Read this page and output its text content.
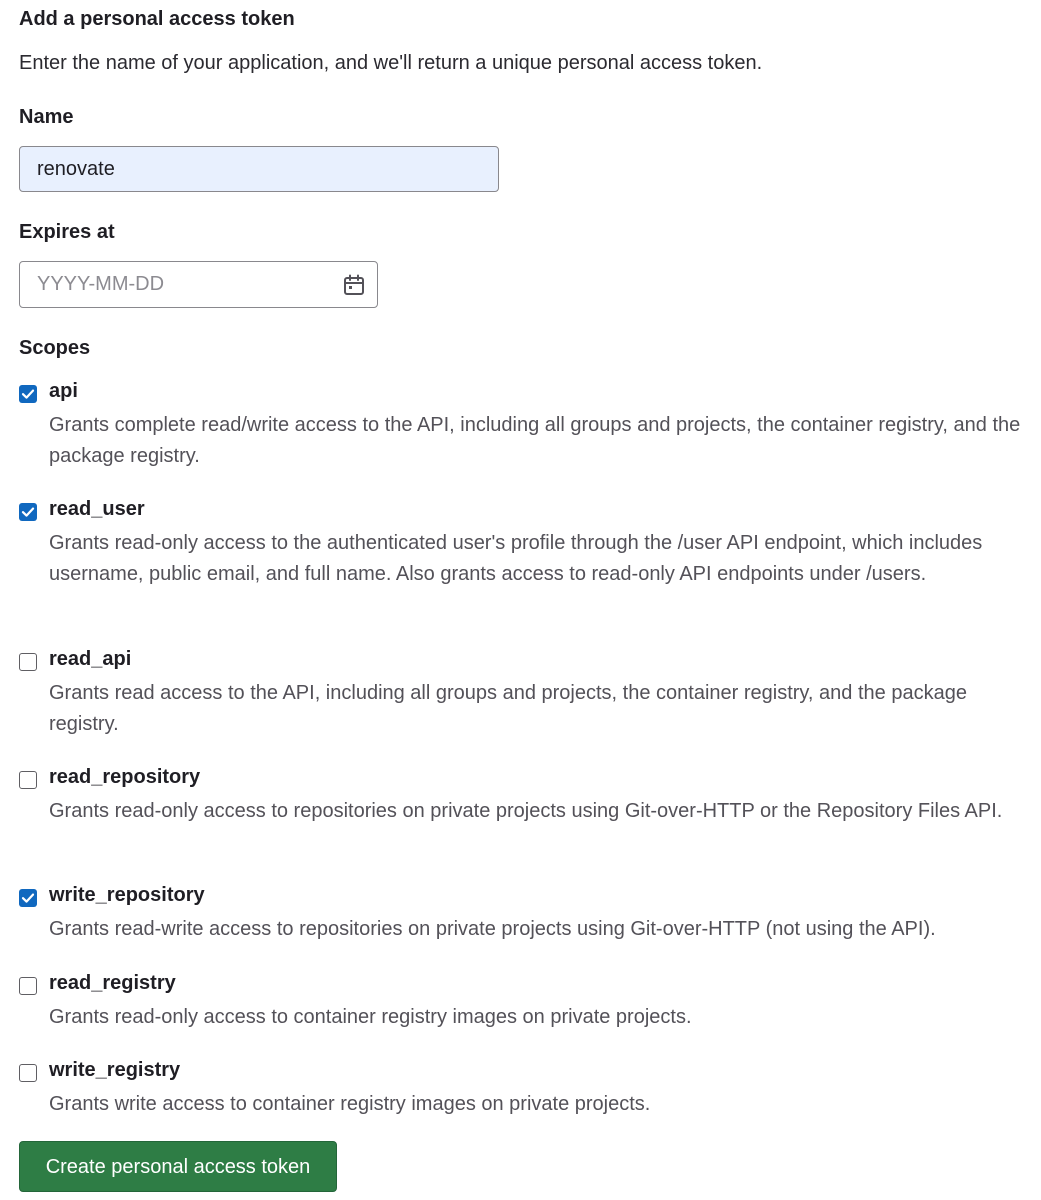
Add a personal access token
Enter the name of your application, and we'll return a unique personal access token.
Name
renovate
Expires at
YYYY-MM-DD
Scopes
api
Grants complete read/write access to the API, including all groups and projects, the container registry, and the package registry.
read_user
Grants read-only access to the authenticated user's profile through the /user API endpoint, which includes username, public email, and full name. Also grants access to read-only API endpoints under /users.
read_api
Grants read access to the API, including all groups and projects, the container registry, and the package registry.
read_repository
Grants read-only access to repositories on private projects using Git-over-HTTP or the Repository Files API.
write_repository
Grants read-write access to repositories on private projects using Git-over-HTTP (not using the API).
read_registry
Grants read-only access to container registry images on private projects.
write_registry
Grants write access to container registry images on private projects.
Create personal access token
